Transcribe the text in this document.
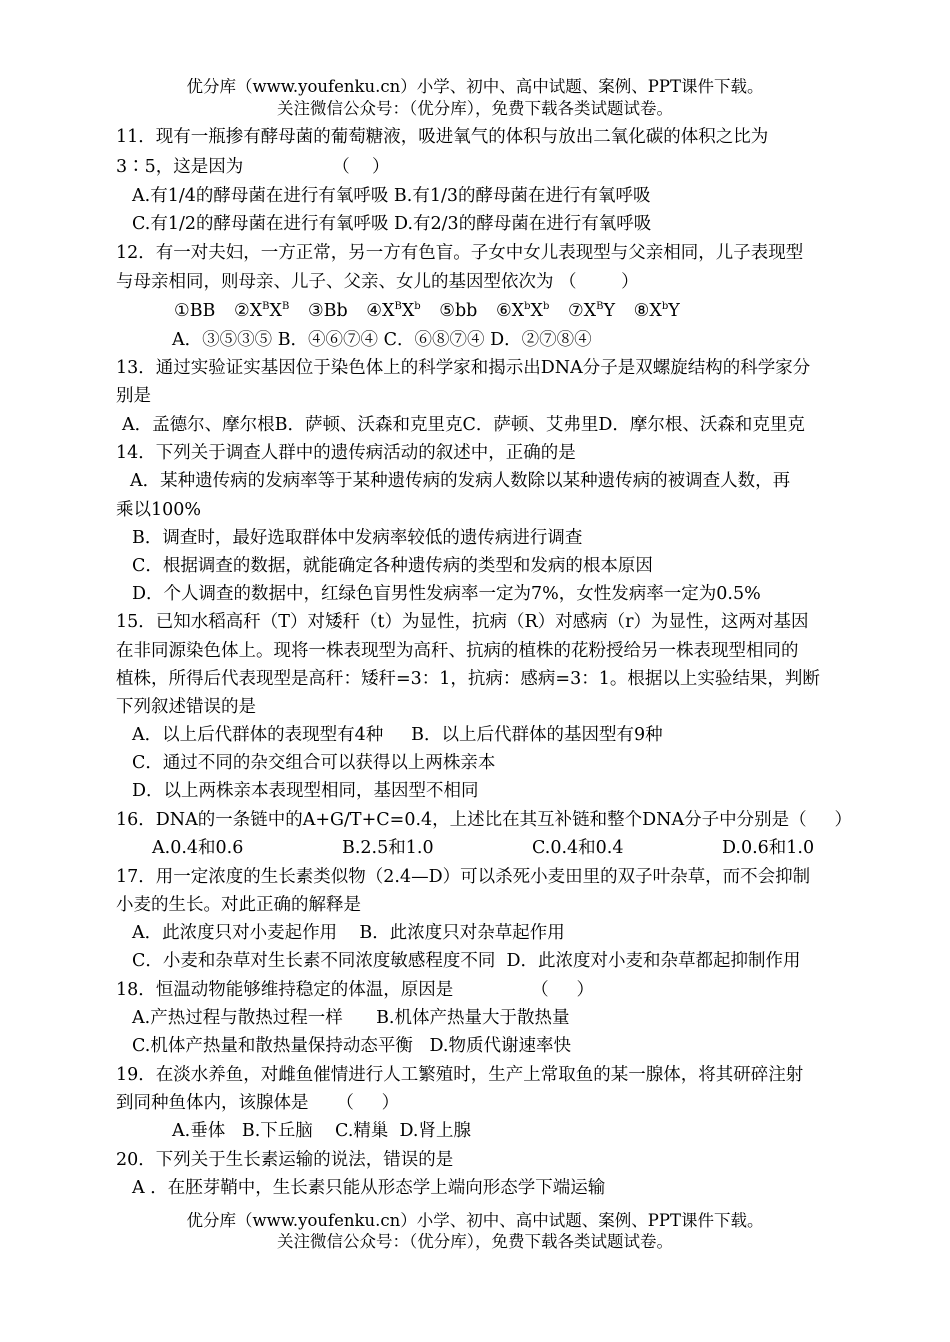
优分库（www.youfenku.cn）小学、初中、高中试题、案例、PPT课件下载。
关注微信公众号：（优分库），免费下载各类试题试卷。
11．现有一瓶掺有酵母菌的葡萄糖液，吸进氧气的体积与放出二氧化碳的体积之比为
3∶5，这是因为                （    ）
A.有1/4的酵母菌在进行有氧呼吸 B.有1/3的酵母菌在进行有氧呼吸
C.有1/2的酵母菌在进行有氧呼吸 D.有2/3的酵母菌在进行有氧呼吸
12．有一对夫妇，一方正常，另一方有色盲。子女中女儿表现型与父亲相同，儿子表现型
与母亲相同，则母亲、儿子、父亲、女儿的基因型依次为 （        ）
①BB $②X^BX^B$ ③Bb $④X^BX^b$ ⑤bb $⑥X^bX^b$ $⑦X^BY$ $⑧X^bY$
A．③⑤③⑤ B．④⑥⑦④ C．⑥⑧⑦④ D．②⑦⑧④
13．通过实验证实基因位于染色体上的科学家和揭示出DNA分子是双螺旋结构的科学家分
别是
A．孟德尔、摩尔根B．萨顿、沃森和克里克C．萨顿、艾弗里D．摩尔根、沃森和克里克
14．下列关于调查人群中的遗传病活动的叙述中，正确的是
A．某种遗传病的发病率等于某种遗传病的发病人数除以某种遗传病的被调查人数，再
乘以100%
B．调查时，最好选取群体中发病率较低的遗传病进行调查
C．根据调查的数据，就能确定各种遗传病的类型和发病的根本原因
D．个人调查的数据中，红绿色盲男性发病率一定为7%，女性发病率一定为0.5%
15．已知水稻高秆（T）对矮秆（t）为显性，抗病（R）对感病（r）为显性，这两对基因
在非同源染色体上。现将一株表现型为高秆、抗病的植株的花粉授给另一株表现型相同的
植株，所得后代表现型是高秆：矮秆=3：1，抗病：感病=3：1。根据以上实验结果，判断
下列叙述错误的是
A．以上后代群体的表现型有4种     B．以上后代群体的基因型有9种
C．通过不同的杂交组合可以获得以上两株亲本
D．以上两株亲本表现型相同，基因型不相同
16．DNA的一条链中的A+G/T+C=0.4，上述比在其互补链和整个DNA分子中分别是（     ）
A.0.4和0.6	B.2.5和1.0	C.0.4和0.4	D.0.6和1.0
17．用一定浓度的生长素类似物（2.4—D）可以杀死小麦田里的双子叶杂草，而不会抑制
小麦的生长。对此正确的解释是
A．此浓度只对小麦起作用    B．此浓度只对杂草起作用
C．小麦和杂草对生长素不同浓度敏感程度不同  D．此浓度对小麦和杂草都起抑制作用
18．恒温动物能够维持稳定的体温，原因是              （     ）
A.产热过程与散热过程一样      B.机体产热量大于散热量
C.机体产热量和散热量保持动态平衡   D.物质代谢速率快
19．在淡水养鱼，对雌鱼催情进行人工繁殖时，生产上常取鱼的某一腺体，将其研碎注射
到同种鱼体内，该腺体是     （     ）
A.垂体   B.下丘脑    C.精巢  D.肾上腺
20．下列关于生长素运输的说法，错误的是
A ．在胚芽鞘中，生长素只能从形态学上端向形态学下端运输
优分库（www.youfenku.cn）小学、初中、高中试题、案例、PPT课件下载。
关注微信公众号：（优分库），免费下载各类试题试卷。
